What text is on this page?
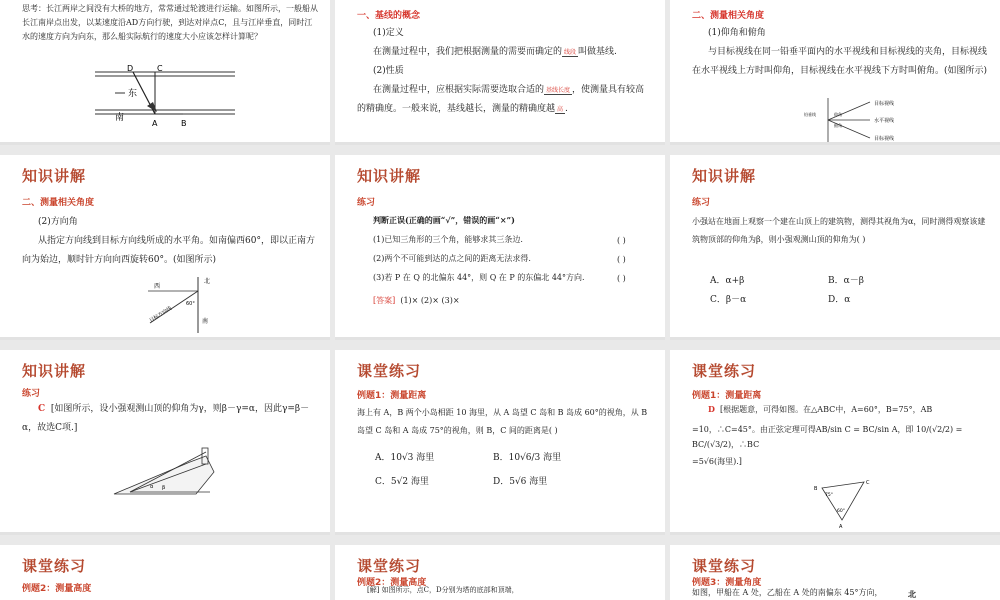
思考：长江两岸之间没有大桥的地方，常常通过轮渡进行运输。如图所示，一般船从长江南岸点出发，以某速度沿AD方向行驶，到达对岸点C，且与江岸垂直，同时江水的速度方向为向东，那么船实际航行的速度大小应该怎样计算呢？
D	C
A	B
东
南
一、基线的概念
(1)定义
在测量过程中，我们把根据测量的需要而确定的 线段 叫做基线.
(2)性质
在测量过程中，应根据实际需要选取合适的 基线长度 ，使测量具有较高的精确度。一般来说，基线越长，测量的精确度越 高 .
二、测量相关角度
(1)仰角和俯角
与目标视线在同一铅垂平面内的水平视线和目标视线的夹角，目标视线在水平视线上方时叫仰角，目标视线在水平视线下方时叫俯角。(如图所示)
目标视线
水平视线
目标视线
仰角
俯角
铅垂线
知识讲解
二、测量相关角度
(2)方向角
从指定方向线到目标方向线所成的水平角。如南偏西60°，即以正南方向为始边，顺时针方向向西旋转60°。(如图所示)
北
西
南
60°
目标方向线
知识讲解
练习
判断正误(正确的画“√”，错误的画“×”)
(1)已知三角形的三个角，能够求其三条边.	( )
(2)两个不可能到达的点之间的距离无法求得.	( )
(3)若 P 在 Q 的北偏东 44°，则 Q 在 P 的东偏北 44°方向.	( )
[答案] (1)× (2)× (3)×
知识讲解
练习
小强站在地面上观察一个建在山顶上的建筑物，测得其视角为α，同时测得观察该建筑物顶部的仰角为β，则小强观测山顶的仰角为( )
A．α+β	B．α－β
C．β－α	D．α
知识讲解
练习
C [如图所示，设小强观测山顶的仰角为γ，则β－γ=α，因此γ=β－α，故选C项.]
α β
课堂练习
例题1：测量距离
海上有 A，B 两个小岛相距 10 海里，从 A 岛望 C 岛和 B 岛成 60°的视角，从 B 岛望 C 岛和 A 岛成 75°的视角，则 B，C 间的距离是( )
A．10√3 海里	B．10√6/3 海里
C．5√2 海里	D．5√6 海里
课堂练习
例题1：测量距离
D [根据题意，可得如图。在△ABC中，A=60°，B=75°，AB
=10，∴C=45°。由正弦定理可得AB/sin C = BC/sin A，即 10/(√2/2) = BC/(√3/2)，∴BC
=5√6(海里).]
B
C
A
75°
60°
课堂练习
例题2：测量高度
课堂练习
例题2：测量高度
[解] 如图所示，点C，D分别为塔的底部和顶端，
课堂练习
例题3：测量角度
如图，甲船在 A 处，乙船在 A 处的南偏东 45°方向，	北
